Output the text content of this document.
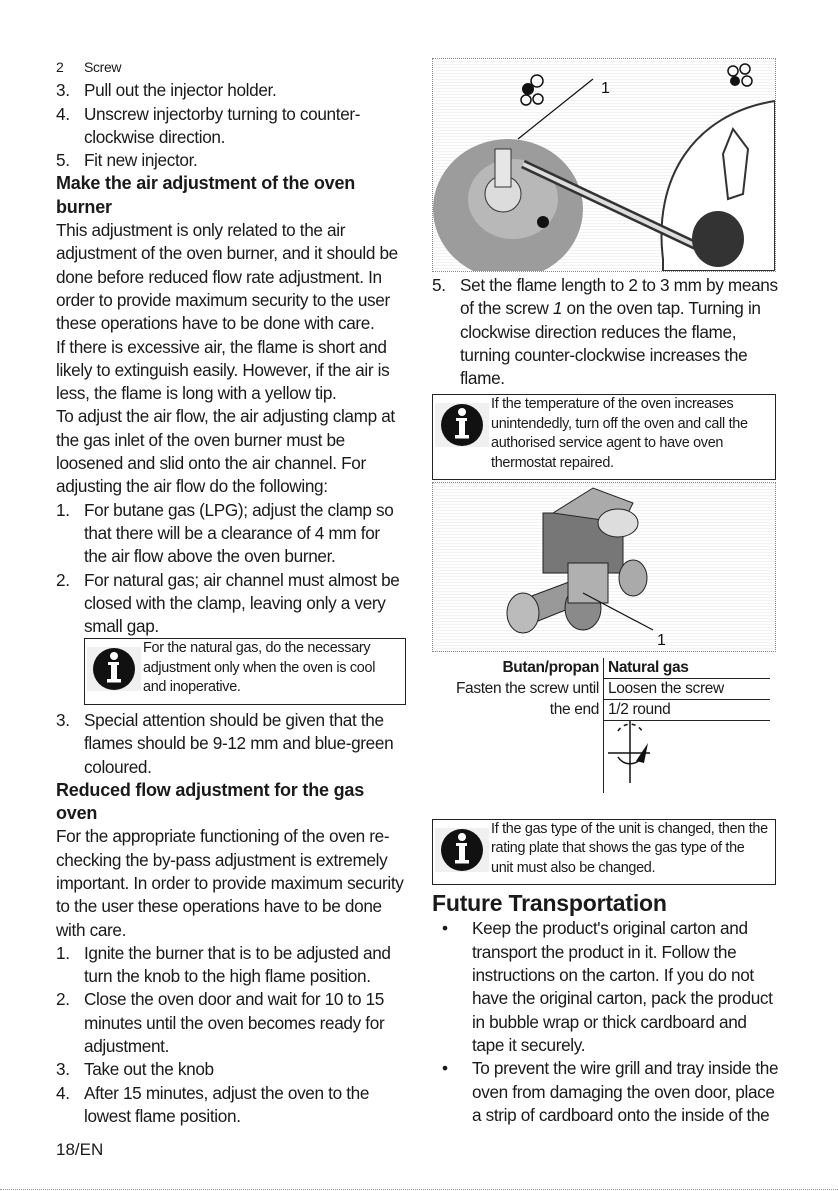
2	Screw
3. Pull out the injector holder.
4. Unscrew injectorby turning to counter-clockwise direction.
5. Fit new injector.

Make the air adjustment of the oven burner

This adjustment is only related to the air adjustment of the oven burner, and it should be done before reduced flow rate adjustment. In order to provide maximum security to the user these operations have to be done with care.

If there is excessive air, the flame is short and likely to extinguish easily. However, if the air is less, the flame is long with a yellow tip.

To adjust the air flow, the air adjusting clamp at the gas inlet of the oven burner must be loosened and slid onto the air channel. For adjusting the air flow do the following:

1. For butane gas (LPG); adjust the clamp so that there will be a clearance of 4 mm for the air flow above the oven burner.
2. For natural gas; air channel must almost be closed with the clamp, leaving only a very small gap.
For the natural gas, do the necessary adjustment only when the oven is cool and inoperative.
3. Special attention should be given that the flames should be 9-12 mm and blue-green coloured.

Reduced flow adjustment for the gas oven

For the appropriate functioning of the oven re-checking the by-pass adjustment is extremely important. In order to provide maximum security to the user these operations have to be done with care.

1. Ignite the burner that is to be adjusted and turn the knob to the high flame position.
2. Close the oven door and wait for 10 to 15 minutes until the oven becomes ready for adjustment.
3. Take out the knob
4. After 15 minutes, adjust the oven to the lowest flame position.
1
5. Set the flame length to 2 to 3 mm by means of the screw 1 on the oven tap. Turning in clockwise direction reduces the flame, turning counter-clockwise increases the flame.
If the temperature of the oven increases unintendedly, turn off the oven and call the authorised service agent to have oven thermostat repaired.
1
Butan/propan	Natural gas
Fasten the screw until	Loosen the screw
the end	1/2 round

If the gas type of the unit is changed, then the rating plate that shows the gas type of the unit must also be changed.

Future Transportation

•	Keep the product's original carton and transport the product in it. Follow the instructions on the carton. If you do not have the original carton, pack the product in bubble wrap or thick cardboard and tape it securely.
•	To prevent the wire grill and tray inside the oven from damaging the oven door, place a strip of cardboard onto the inside of the
18/EN
